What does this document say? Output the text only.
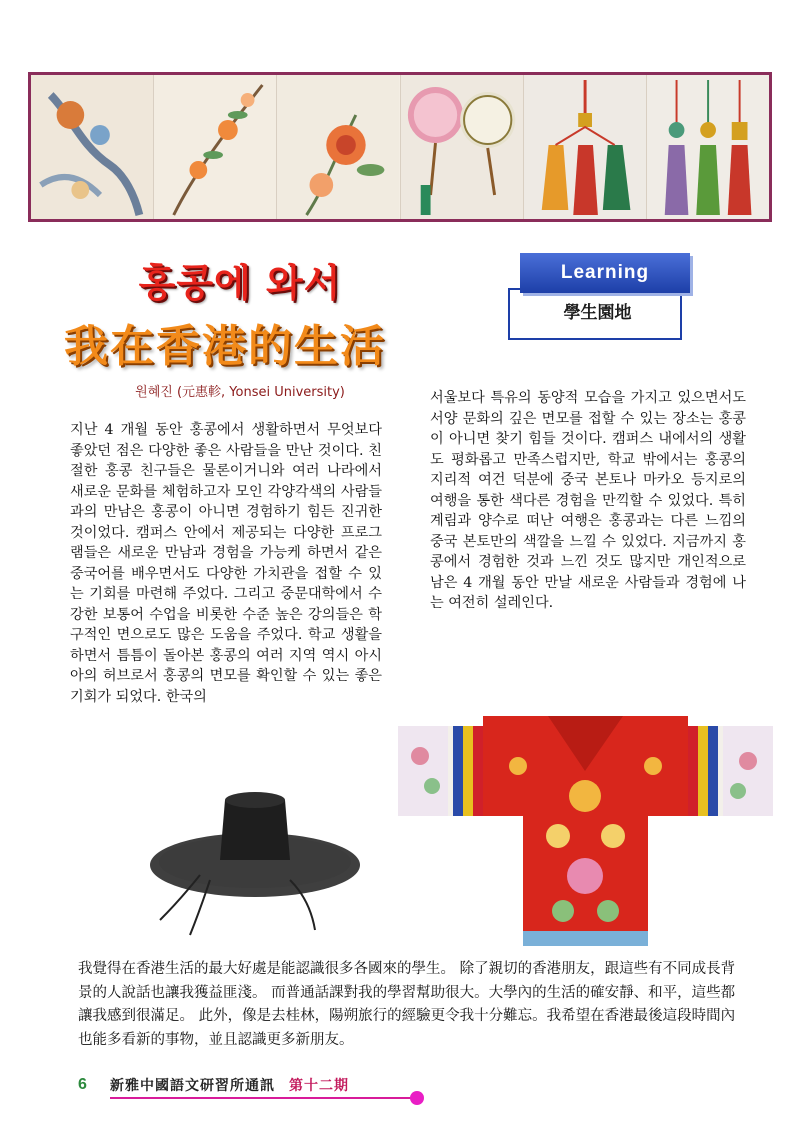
홍콩에 와서
我在香港的生活
원혜진 (元惠軫, Yonsei University)
Learning
學生園地
지난 4 개월 동안 홍콩에서 생활하면서 무엇보다 좋았던 점은 다양한 좋은 사람들을 만난 것이다. 친절한 홍콩 친구들은 물론이거니와 여러 나라에서 새로운 문화를 체험하고자 모인 각양각색의 사람들과의 만남은 홍콩이 아니면 경험하기 힘든 진귀한 것이었다. 캠퍼스 안에서 제공되는 다양한 프로그램들은 새로운 만남과 경험을 가능케 하면서 같은 중국어를 배우면서도 다양한 가치관을 접할 수 있는 기회를 마련해 주었다. 그리고 중문대학에서 수강한 보통어 수업을 비롯한 수준 높은 강의들은 학구적인 면으로도 많은 도움을 주었다. 학교 생활을 하면서 틈틈이 돌아본 홍콩의 여러 지역 역시 아시아의 허브로서 홍콩의 면모를 확인할 수 있는 좋은 기회가 되었다. 한국의
서울보다 특유의 동양적 모습을 가지고 있으면서도 서양 문화의 깊은 면모를 접할 수 있는 장소는 홍콩이 아니면 찾기 힘들 것이다. 캠퍼스 내에서의 생활도 평화롭고 만족스럽지만, 학교 밖에서는 홍콩의 지리적 여건 덕분에 중국 본토나 마카오 등지로의 여행을 통한 색다른 경험을 만끽할 수 있었다. 특히 계림과 양수로 떠난 여행은 홍콩과는 다른 느낌의 중국 본토만의 색깔을 느낄 수 있었다. 지금까지 홍콩에서 경험한 것과 느낀 것도 많지만 개인적으로 남은 4 개월 동안 만날 새로운 사람들과 경험에 나는 여전히 설레인다.
我覺得在香港生活的最大好處是能認識很多各國來的學生。 除了親切的香港朋友，跟這些有不同成長背景的人說話也讓我獲益匪淺。 而普通話課對我的學習幫助很大。大學內的生活的確安靜、和平，這些都讓我感到很滿足。 此外，像是去桂林，陽朔旅行的經驗更令我十分難忘。我希望在香港最後這段時間內也能多看新的事物，並且認識更多新朋友。
6 新雅中國語文研習所通訊 第十二期
